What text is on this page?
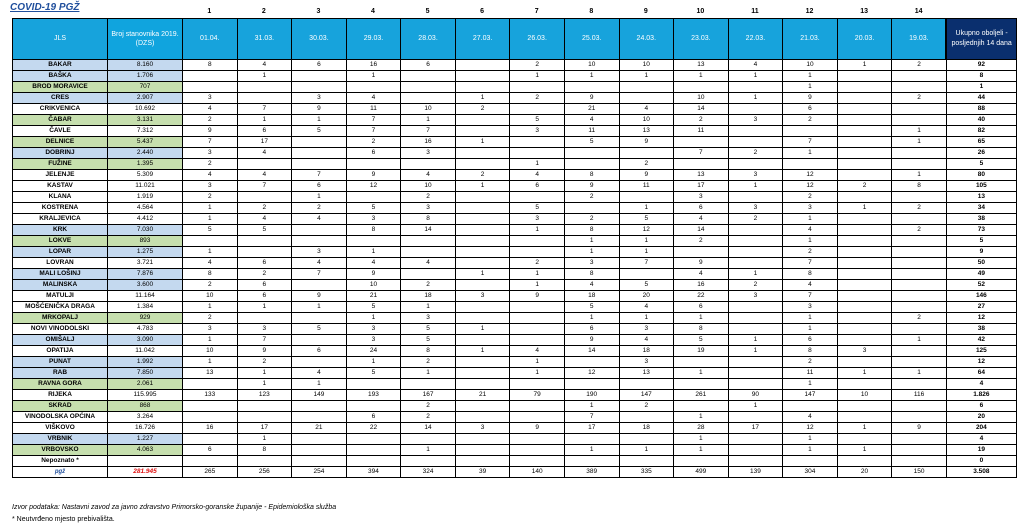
COVID-19 PGŽ	1	2	3	4	5	6	7	8	9	10	11	12	13	14
JLS	Broj stanovnika 2019. (DZS)	01.04.	31.03.	30.03.	29.03.	28.03.	27.03.	26.03.	25.03.	24.03.	23.03.	22.03.	21.03.	20.03.	19.03.	Ukupno oboljeli - posljednjih 14 dana
BAKAR	8.160	8	4	6	16	6		2	10	10	13	4	10	1	2	92
BAŠKA	1.706		1		1			1	1	1	1	1	1			8
BROD MORAVICE	707												1			1
CRES	2.907	3		3	4		1	2	9		10	1	9		2	44
CRIKVENICA	10.692	4	7	9	11	10	2		21	4	14		6			88
ČABAR	3.131	2	1	1	7	1		5	4	10	2	3	2			40
ČAVLE	7.312	9	6	5	7	7		3	11	13	11				1	82
DELNICE	5.437	7	17		2	16	1		5	9			7		1	65
DOBRINJ	2.440	3	4		6	3					7	2	1			26
FUŽINE	1.395	2						1		2						5
JELENJE	5.309	4	4	7	9	4	2	4	8	9	13	3	12		1	80
KASTAV	11.021	3	7	6	12	10	1	6	9	11	17	1	12	2	8	105
KLANA	1.919	2		1		2			2		3		2			13
KOSTRENA	4.564	1	2	2	5	3		5		1	6	3	3	1	2	34
KRALJEVICA	4.412	1	4	4	3	8		3	2	5	4	2	1			38
KRK	7.030	5	5		8	14		1	8	12	14		4		2	73
LOKVE	893								1	1	2		1			5
LOPAR	1.275	1		3	1				1	1			2			9
LOVRAN	3.721	4	6	4	4	4		2	3	7	9		7			50
MALI LOŠINJ	7.876	8	2	7	9		1	1	8		4	1	8			49
MALINSKA	3.600	2	6		10	2		1	4	5	16	2	4			52
MATULJI	11.164	10	6	9	21	18	3	9	18	20	22	3	7			146
MOŠĆENIČKA DRAGA	1.384	1	1	1	5	1			5	4	6		3			27
MRKOPALJ	929	2			1	3			1	1	1		1		2	12
NOVI VINODOLSKI	4.783	3	3	5	3	5	1		6	3	8		1			38
OMIŠALJ	3.090	1	7		3	5			9	4	5	1	6		1	42
OPATIJA	11.042	10	9	6	24	8	1	4	14	18	19	1	8	3		125
PUNAT	1.992	1	2		1	2		1		3			2			12
RAB	7.850	13	1	4	5	1		1	12	13	1		11	1	1	64
RAVNA GORA	2.061		1	1									1			4
RIJEKA	115.995	133	123	149	193	167	21	79	190	147	261	90	147	10	116	1.826
SKRAD	868					2			1	2		1				6
VINODOLSKA OPĆINA	3.264				6	2			7		1		4			20
VIŠKOVO	16.726	16	17	21	22	14	3	9	17	18	28	17	12	1	9	204
VRBNIK	1.227		1								1		1			4
VRBOVSKO	4.063	6	8			1			1	1	1		1	1		19
Nepoznato *																0
pgž	281.945	265	256	254	394	324	39	140	389	335	499	139	304	20	150	3.508
Izvor podataka: Nastavni zavod za javno zdravstvo Primorsko-goranske županije - Epidemiološka služba
* Neutvrđeno mjesto prebivališta.
